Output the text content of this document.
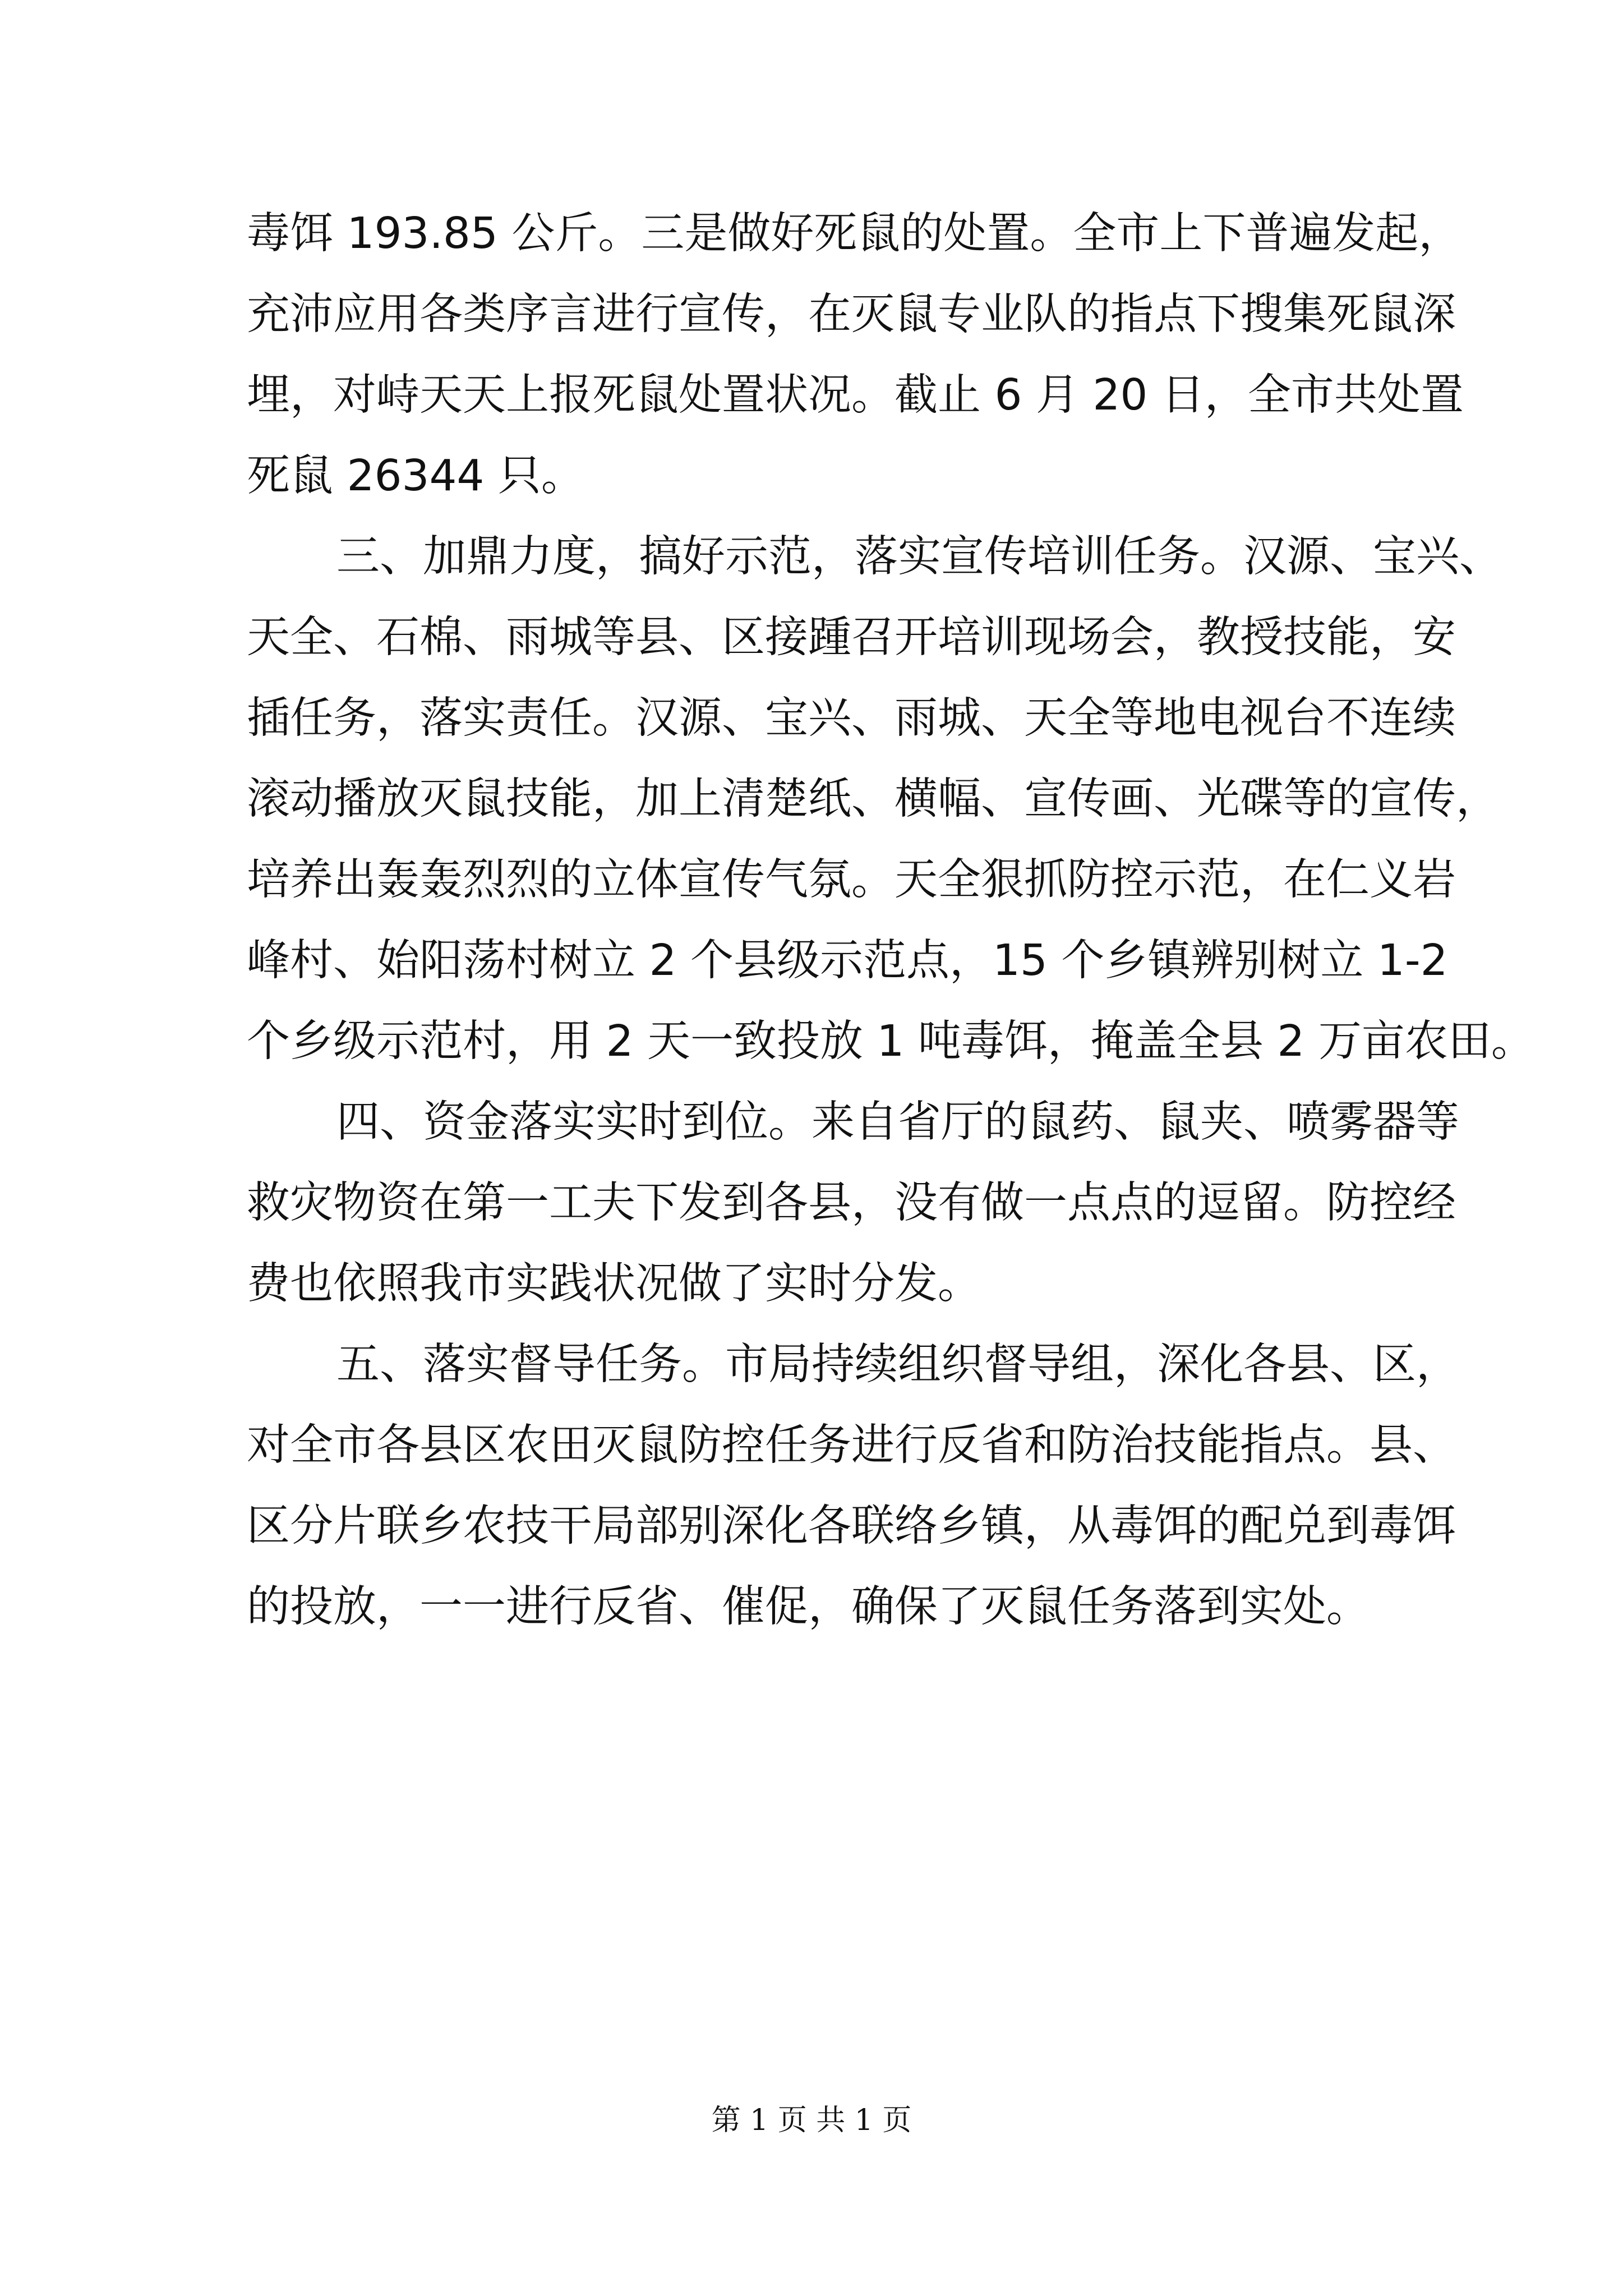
毒饵 193.85 公斤。三是做好死鼠的处置。全市上下普遍发起，
充沛应用各类序言进行宣传，在灭鼠专业队的指点下搜集死鼠深
埋，对峙天天上报死鼠处置状况。截止 6 月 20 日，全市共处置
死鼠 26344 只。
三、加鼎力度，搞好示范，落实宣传培训任务。汉源、宝兴、
天全、石棉、雨城等县、区接踵召开培训现场会，教授技能，安
插任务，落实责任。汉源、宝兴、雨城、天全等地电视台不连续
滚动播放灭鼠技能，加上清楚纸、横幅、宣传画、光碟等的宣传，
培养出轰轰烈烈的立体宣传气氛。天全狠抓防控示范，在仁义岩
峰村、始阳荡村树立 2 个县级示范点，15 个乡镇辨别树立 1-2
个乡级示范村，用 2 天一致投放 1 吨毒饵，掩盖全县 2 万亩农田。
四、资金落实实时到位。来自省厅的鼠药、鼠夹、喷雾器等
救灾物资在第一工夫下发到各县，没有做一点点的逗留。防控经
费也依照我市实践状况做了实时分发。
五、落实督导任务。市局持续组织督导组，深化各县、区，
对全市各县区农田灭鼠防控任务进行反省和防治技能指点。县、
区分片联乡农技干局部别深化各联络乡镇，从毒饵的配兑到毒饵
的投放，一一进行反省、催促，确保了灭鼠任务落到实处。
第 1 页 共 1 页
